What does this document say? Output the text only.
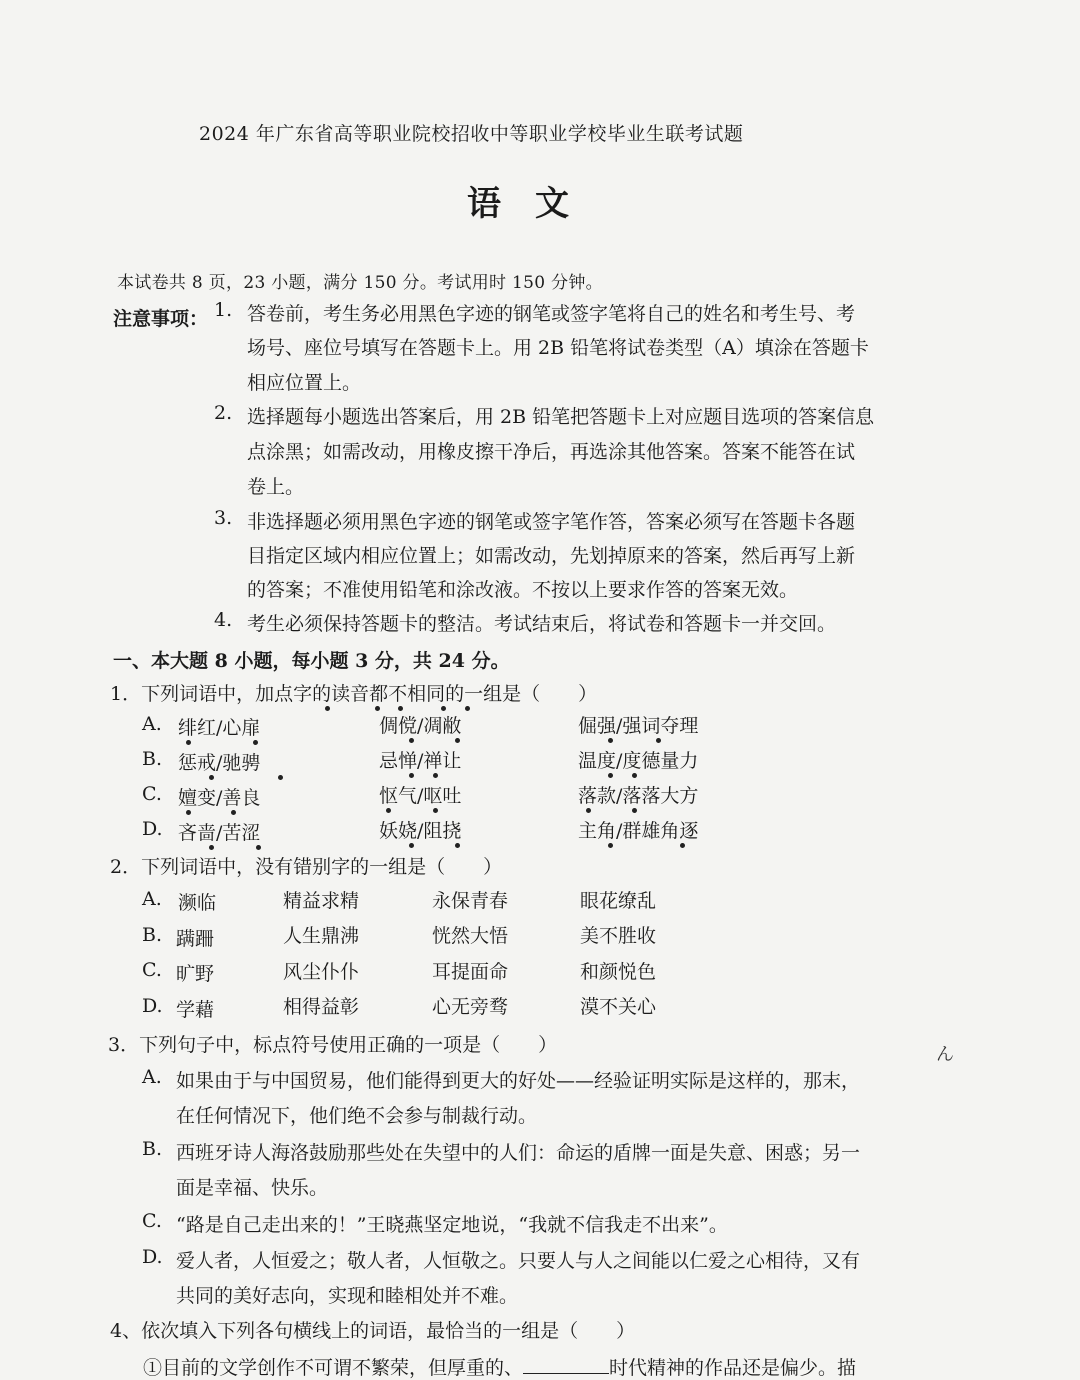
2024 年广东省高等职业院校招收中等职业学校毕业生联考试题
语　文
本试卷共 8 页，23 小题，满分 150 分。考试用时 150 分钟。
注意事项： 1. 答卷前，考生务必用黑色字迹的钢笔或签字笔将自己的姓名和考生号、考
场号、座位号填写在答题卡上。用 2B 铅笔将试卷类型（A）填涂在答题卡
相应位置上。
2. 选择题每小题选出答案后，用 2B 铅笔把答题卡上对应题目选项的答案信息
点涂黑；如需改动，用橡皮擦干净后，再选涂其他答案。答案不能答在试
卷上。
3. 非选择题必须用黑色字迹的钢笔或签字笔作答，答案必须写在答题卡各题
目指定区域内相应位置上；如需改动，先划掉原来的答案，然后再写上新
的答案；不准使用铅笔和涂改液。不按以上要求作答的答案无效。
4. 考生必须保持答题卡的整洁。考试结束后，将试卷和答题卡一并交回。
一、本大题 8 小题，每小题 3 分，共 24 分。
1．下列词语中，加点字的读音都不相同的一组是（　　）
A. 绯红/心扉	倜傥/凋敝	倔强/强词夺理
B. 惩戒/驰骋	忌惮/禅让	温度/度德量力
C. 嬗变/善良	怄气/呕吐	落款/落落大方
D. 吝啬/苦涩	妖娆/阻挠	主角/群雄角逐
2．下列词语中，没有错别字的一组是（　　）
A. 濒临	精益求精	永保青春	眼花缭乱
B. 蹒跚	人生鼎沸	恍然大悟	美不胜收
C. 旷野	风尘仆仆	耳提面命	和颜悦色
D. 学藉	相得益彰	心无旁骛	漠不关心
3．下列句子中，标点符号使用正确的一项是（　　）
A. 如果由于与中国贸易，他们能得到更大的好处——经验证明实际是这样的，那末，
在任何情况下，他们绝不会参与制裁行动。
ん
B. 西班牙诗人海洛鼓励那些处在失望中的人们：命运的盾牌一面是失意、困惑；另一
面是幸福、快乐。
C. “路是自己走出来的！”王晓燕坚定地说，“我就不信我走不出来”。
D. 爱人者，人恒爱之；敬人者，人恒敬之。只要人与人之间能以仁爱之心相待，又有
共同的美好志向，实现和睦相处并不难。
4、依次填入下列各句横线上的词语，最恰当的一组是（　　）
①目前的文学创作不可谓不繁荣，但厚重的、	时代精神的作品还是偏少。描
